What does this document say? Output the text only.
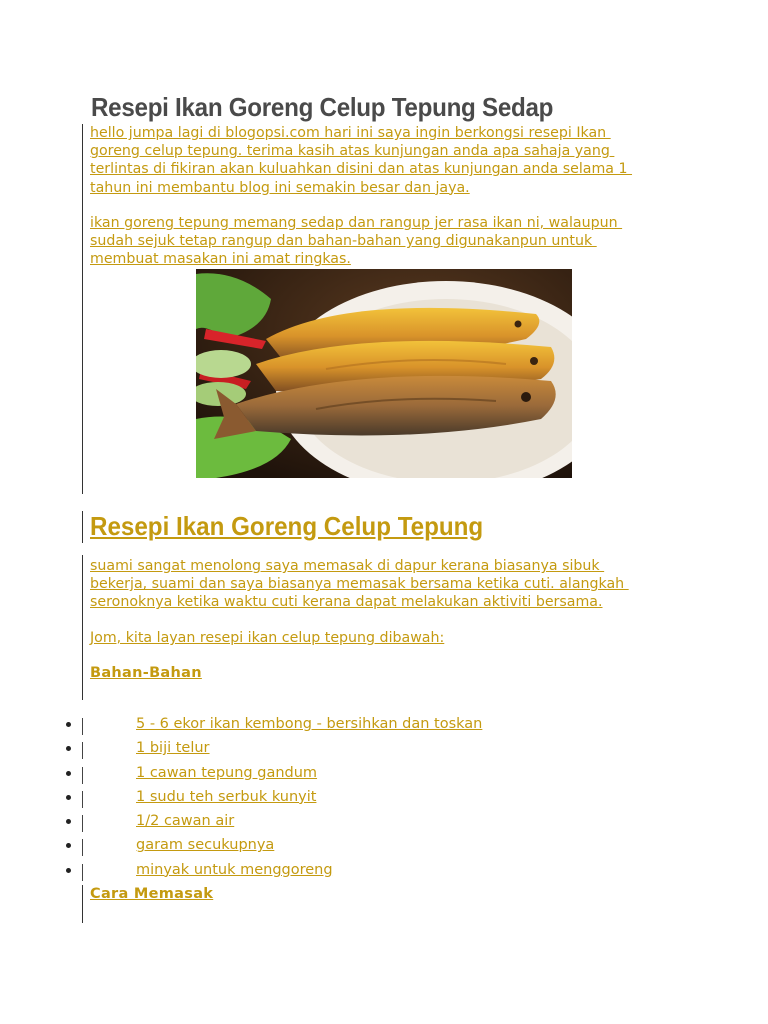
Resepi Ikan Goreng Celup Tepung Sedap

hello jumpa lagi di blogopsi.com hari ini saya ingin berkongsi resepi Ikan
goreng celup tepung. terima kasih atas kunjungan anda apa sahaja yang
terlintas di fikiran akan kuluahkan disini dan atas kunjungan anda selama 1
tahun ini membantu blog ini semakin besar dan jaya.

ikan goreng tepung memang sedap dan rangup jer rasa ikan ni, walaupun
sudah sejuk tetap rangup dan bahan-bahan yang digunakanpun untuk
membuat masakan ini amat ringkas.

Resepi Ikan Goreng Celup Tepung

suami sangat menolong saya memasak di dapur kerana biasanya sibuk
bekerja, suami dan saya biasanya memasak bersama ketika cuti. alangkah
seronoknya ketika waktu cuti kerana dapat melakukan aktiviti bersama.

Jom, kita layan resepi ikan celup tepung dibawah:

Bahan-Bahan
5 - 6 ekor ikan kembong - bersihkan dan toskan
1 biji telur
1 cawan tepung gandum
1 sudu teh serbuk kunyit
1/2 cawan air
garam secukupnya
minyak untuk menggoreng
Cara Memasak
